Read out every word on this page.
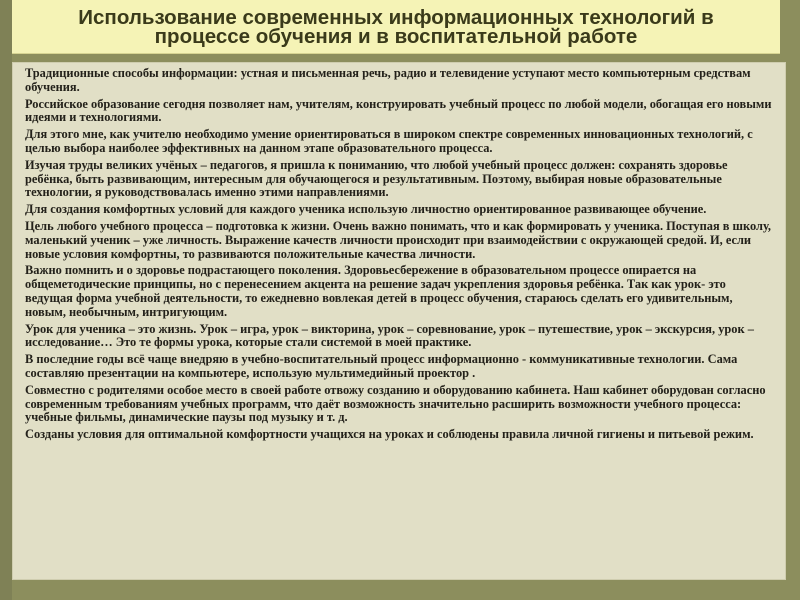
Использование современных информационных технологий в процессе обучения и в воспитательной работе

Традиционные способы информации: устная и письменная речь, радио и телевидение уступают место компьютерным средствам обучения.

Российское образование сегодня позволяет нам, учителям, конструировать учебный процесс по любой модели, обогащая его новыми идеями и технологиями.

Для этого мне, как учителю необходимо умение ориентироваться в широком спектре современных инновационных технологий, с целью выбора наиболее эффективных на данном этапе образовательного процесса.

Изучая труды великих учёных – педагогов, я пришла к пониманию, что любой учебный процесс должен: сохранять здоровье ребёнка, быть развивающим, интересным для обучающегося и результативным. Поэтому, выбирая новые образовательные технологии, я руководствовалась именно этими направлениями.

Для создания комфортных условий для каждого ученика использую личностно ориентированное развивающее обучение.

Цель любого учебного процесса – подготовка к жизни. Очень важно понимать, что и как формировать у ученика. Поступая в школу, маленький ученик – уже личность. Выражение качеств личности происходит при взаимодействии с окружающей средой. И, если новые условия комфортны, то развиваются положительные качества личности.

Важно помнить и о здоровье подрастающего поколения. Здоровьесбережение в образовательном процессе опирается на общеметодические принципы, но с перенесением акцента на решение задач укрепления здоровья ребёнка. Так как урок- это ведущая форма учебной деятельности, то ежедневно вовлекая детей в процесс обучения, стараюсь сделать его удивительным, новым, необычным, интригующим.

Урок для ученика – это жизнь. Урок – игра, урок – викторина, урок – соревнование, урок – путешествие, урок – экскурсия, урок – исследование… Это те формы урока, которые стали системой в моей практике.

В последние годы всё чаще внедряю в учебно-воспитательный процесс информационно - коммуникативные технологии. Сама составляю презентации на компьютере, использую мультимедийный проектор .

Совместно с родителями особое место в своей работе отвожу созданию и оборудованию кабинета. Наш кабинет оборудован согласно современным требованиям учебных программ, что даёт возможность значительно расширить возможности учебного процесса: учебные фильмы, динамические паузы под музыку и т. д.

Созданы условия для оптимальной комфортности учащихся на уроках и соблюдены правила личной гигиены и питьевой режим.
